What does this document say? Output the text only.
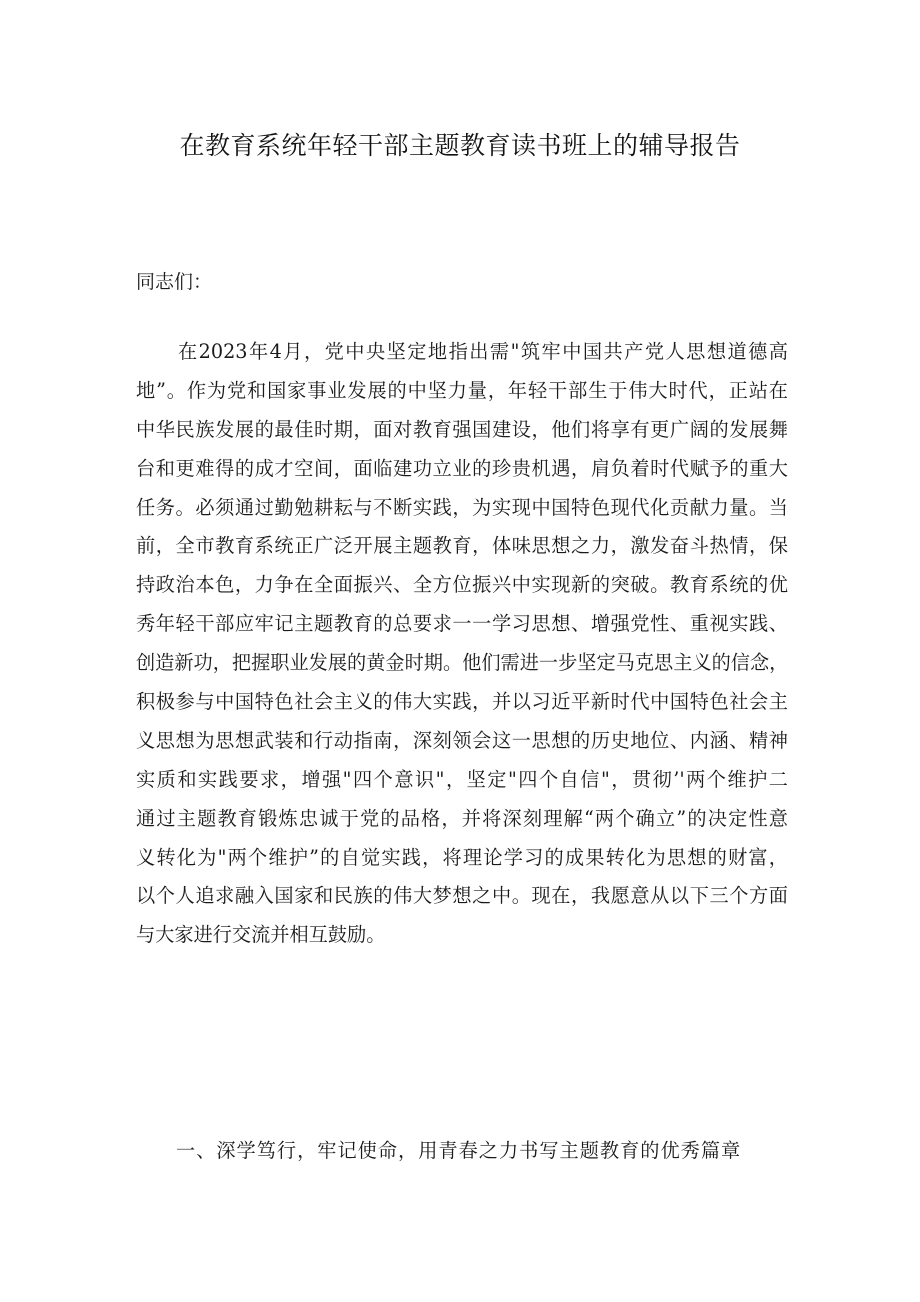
在教育系统年轻干部主题教育读书班上的辅导报告

同志们：

在2023年4月，党中央坚定地指出需"筑牢中国共产党人思想道德高
地”。作为党和国家事业发展的中坚力量，年轻干部生于伟大时代，正站在
中华民族发展的最佳时期，面对教育强国建设，他们将享有更广阔的发展舞
台和更难得的成才空间，面临建功立业的珍贵机遇，肩负着时代赋予的重大
任务。必须通过勤勉耕耘与不断实践，为实现中国特色现代化贡献力量。当
前，全市教育系统正广泛开展主题教育，体味思想之力，激发奋斗热情，保
持政治本色，力争在全面振兴、全方位振兴中实现新的突破。教育系统的优
秀年轻干部应牢记主题教育的总要求一一学习思想、增强党性、重视实践、
创造新功，把握职业发展的黄金时期。他们需进一步坚定马克思主义的信念，
积极参与中国特色社会主义的伟大实践，并以习近平新时代中国特色社会主
义思想为思想武装和行动指南，深刻领会这一思想的历史地位、内涵、精神
实质和实践要求，增强"四个意识"，坚定"四个自信"，贯彻’'两个维护二
通过主题教育锻炼忠诚于党的品格，并将深刻理解“两个确立”的决定性意
义转化为"两个维护”的自觉实践，将理论学习的成果转化为思想的财富，
以个人追求融入国家和民族的伟大梦想之中。现在，我愿意从以下三个方面
与大家进行交流并相互鼓励。

一、深学笃行，牢记使命，用青春之力书写主题教育的优秀篇章
